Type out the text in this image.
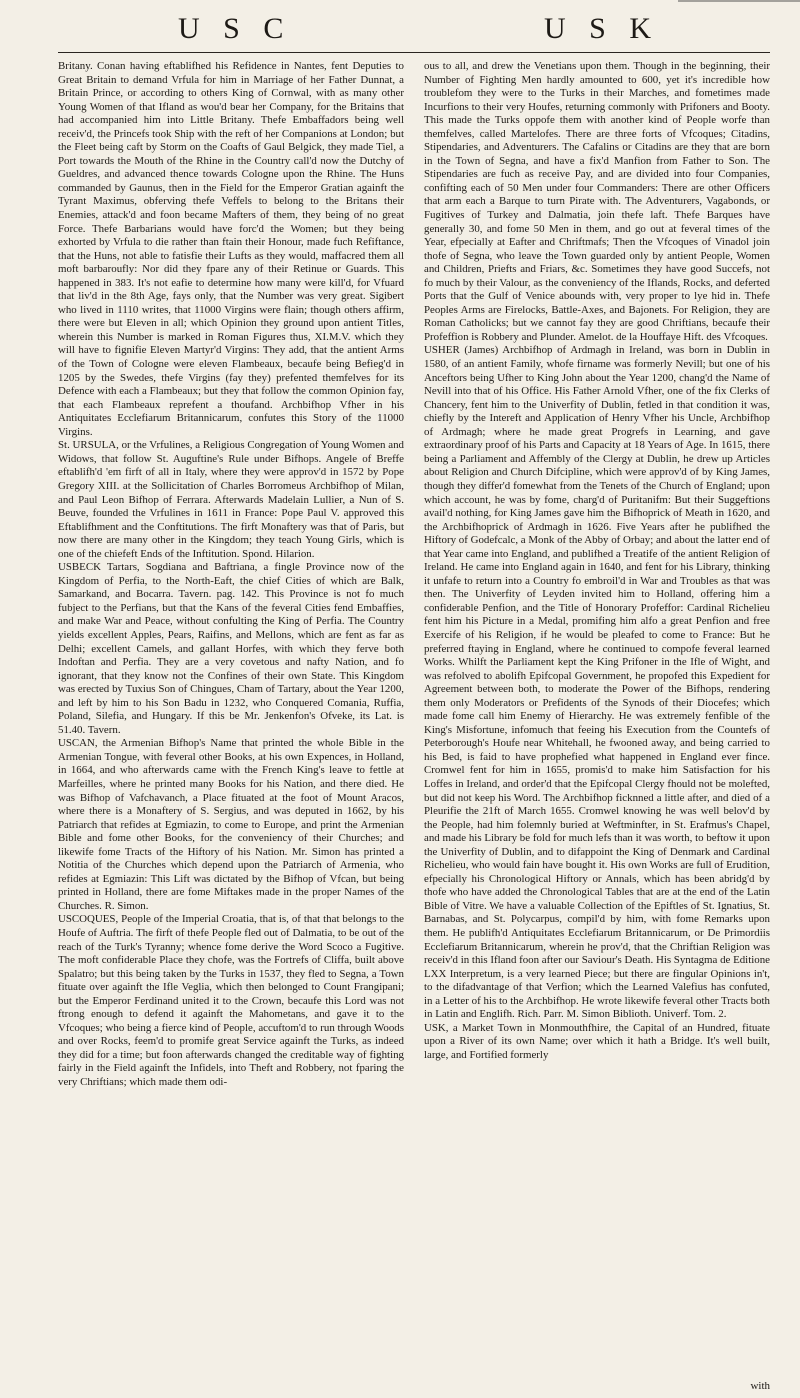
U S C	U S K

Britany. Conan having eftablifhed his Refidence in Nantes, fent Deputies to Great Britain to demand Vrfula for him in Marriage of her Father Dunnat, a Britain Prince, or according to others King of Cornwal, with as many other Young Women of that Ifland as wou'd bear her Company, for the Britains that had accompanied him into Little Britany. Thefe Embaffadors being well receiv'd, the Princefs took Ship with the reft of her Companions at London; but the Fleet being caft by Storm on the Coafts of Gaul Belgick, they made Tiel, a Port towards the Mouth of the Rhine in the Country call'd now the Dutchy of Gueldres, and advanced thence towards Cologne upon the Rhine. The Huns commanded by Gaunus, then in the Field for the Emperor Gratian againft the Tyrant Maximus, obferving thefe Veffels to belong to the Britans their Enemies, attack'd and foon became Mafters of them, they being of no great Force. Thefe Barbarians would have forc'd the Women; but they being exhorted by Vrfula to die rather than ftain their Honour, made fuch Refiftance, that the Huns, not able to fatisfie their Lufts as they would, maffacred them all moft barbaroufly: Nor did they fpare any of their Retinue or Guards. This happened in 383. It's not eafie to determine how many were kill'd, for Vfuard that liv'd in the 8th Age, fays only, that the Number was very great. Sigibert who lived in 1110 writes, that 11000 Virgins were flain; though others affirm, there were but Eleven in all; which Opinion they ground upon antient Titles, wherein this Number is marked in Roman Figures thus, XI.M.V. which they will have to fignifie Eleven Martyr'd Virgins: They add, that the antient Arms of the Town of Cologne were eleven Flambeaux, becaufe being Befieg'd in 1205 by the Swedes, thefe Virgins (fay they) prefented themfelves for its Defence with each a Flambeaux; but they that follow the common Opinion fay, that each Flambeaux reprefent a thoufand. Archbifhop Vfher in his Antiquitates Ecclefiarum Britannicarum, confutes this Story of the 11000 Virgins.

St. URSULA, or the Vrfulines, a Religious Congregation of Young Women and Widows, that follow St. Auguftine's Rule under Bifhops. Angele of Breffe eftablifh'd 'em firft of all in Italy, where they were approv'd in 1572 by Pope Gregory XIII. at the Sollicitation of Charles Borromeus Archbifhop of Milan, and Paul Leon Bifhop of Ferrara. Afterwards Madelain Lullier, a Nun of S. Beuve, founded the Vrfulines in 1611 in France: Pope Paul V. approved this Eftablifhment and the Conftitutions. The firft Monaftery was that of Paris, but now there are many other in the Kingdom; they teach Young Girls, which is one of the chiefeft Ends of the Inftitution. Spond. Hilarion.

USBECK Tartars, Sogdiana and Baftriana, a fingle Province now of the Kingdom of Perfia, to the North-Eaft, the chief Cities of which are Balk, Samarkand, and Bocarra. Tavern. pag. 142. This Province is not fo much fubject to the Perfians, but that the Kans of the feveral Cities fend Embaffies, and make War and Peace, without confulting the King of Perfia. The Country yields excellent Apples, Pears, Raifins, and Mellons, which are fent as far as Delhi; excellent Camels, and gallant Horfes, with which they ferve both Indoftan and Perfia. They are a very covetous and nafty Nation, and fo ignorant, that they know not the Confines of their own State. This Kingdom was erected by Tuxius Son of Chingues, Cham of Tartary, about the Year 1200, and left by him to his Son Badu in 1232, who Conquered Comania, Ruffia, Poland, Silefia, and Hungary. If this be Mr. Jenkenfon's Ofveke, its Lat. is 51.40. Tavern.

USCAN, the Armenian Bifhop's Name that printed the whole Bible in the Armenian Tongue, with feveral other Books, at his own Expences, in Holland, in 1664, and who afterwards came with the French King's leave to fettle at Marfeilles, where he printed many Books for his Nation, and there died. He was Bifhop of Vafchavanch, a Place fituated at the foot of Mount Aracos, where there is a Monaftery of S. Sergius, and was deputed in 1662, by his Patriarch that refides at Egmiazin, to come to Europe, and print the Armenian Bible and fome other Books, for the conveniency of their Churches; and likewife fome Tracts of the Hiftory of his Nation. Mr. Simon has printed a Notitia of the Churches which depend upon the Patriarch of Armenia, who refides at Egmiazin: This Lift was dictated by the Bifhop of Vfcan, but being printed in Holland, there are fome Miftakes made in the proper Names of the Churches. R. Simon.

USCOQUES, People of the Imperial Croatia, that is, of that that belongs to the Houfe of Auftria. The firft of thefe People fled out of Dalmatia, to be out of the reach of the Turk's Tyranny; whence fome derive the Word Scoco a Fugitive. The moft confiderable Place they chofe, was the Fortrefs of Cliffa, built above Spalatro; but this being taken by the Turks in 1537, they fled to Segna, a Town fituate over againft the Ifle Veglia, which then belonged to Count Frangipani; but the Emperor Ferdinand united it to the Crown, becaufe this Lord was not ftrong enough to defend it againft the Mahometans, and gave it to the Vfcoques; who being a fierce kind of People, accuftom'd to run through Woods and over Rocks, feem'd to promife great Service againft the Turks, as indeed they did for a time; but foon afterwards changed the creditable way of fighting fairly in the Field againft the Infidels, into Theft and Robbery, not fparing the very Chriftians; which made them odi-

ous to all, and drew the Venetians upon them. Though in the beginning, their Number of Fighting Men hardly amounted to 600, yet it's incredible how troublefom they were to the Turks in their Marches, and fometimes made Incurfions to their very Houfes, returning commonly with Prifoners and Booty. This made the Turks oppofe them with another kind of People worfe than themfelves, called Martelofes. There are three forts of Vfcoques; Citadins, Stipendaries, and Adventurers. The Cafalins or Citadins are they that are born in the Town of Segna, and have a fix'd Manfion from Father to Son. The Stipendaries are fuch as receive Pay, and are divided into four Companies, confifting each of 50 Men under four Commanders: There are other Officers that arm each a Barque to turn Pirate with. The Adventurers, Vagabonds, or Fugitives of Turkey and Dalmatia, join thefe laft. Thefe Barques have generally 30, and fome 50 Men in them, and go out at feveral times of the Year, efpecially at Eafter and Chriftmafs; Then the Vfcoques of Vinadol join thofe of Segna, who leave the Town guarded only by antient People, Women and Children, Priefts and Friars, &c. Sometimes they have good Succefs, not fo much by their Valour, as the conveniency of the Iflands, Rocks, and deferted Ports that the Gulf of Venice abounds with, very proper to lye hid in. Thefe Peoples Arms are Firelocks, Battle-Axes, and Bajonets. For Religion, they are Roman Catholicks; but we cannot fay they are good Chriftians, becaufe their Profeffion is Robbery and Plunder. Amelot. de la Houffaye Hift. des Vfcoques.

USHER (James) Archbifhop of Ardmagh in Ireland, was born in Dublin in 1580, of an antient Family, whofe firname was formerly Nevill; but one of his Anceftors being Ufher to King John about the Year 1200, chang'd the Name of Nevill into that of his Office. His Father Arnold Vfher, one of the fix Clerks of Chancery, fent him to the Univerfity of Dublin, fetled in that condition it was, chiefly by the Intereft and Application of Henry Vfher his Uncle, Archbifhop of Ardmagh; where he made great Progrefs in Learning, and gave extraordinary proof of his Parts and Capacity at 18 Years of Age. In 1615, there being a Parliament and Affembly of the Clergy at Dublin, he drew up Articles about Religion and Church Difcipline, which were approv'd of by King James, though they differ'd fomewhat from the Tenets of the Church of England; upon which account, he was by fome, charg'd of Puritanifm: But their Suggeftions avail'd nothing, for King James gave him the Bifhoprick of Meath in 1620, and the Archbifhoprick of Ardmagh in 1626. Five Years after he publifhed the Hiftory of Godefcalc, a Monk of the Abby of Orbay; and about the latter end of that Year came into England, and publifhed a Treatife of the antient Religion of Ireland. He came into England again in 1640, and fent for his Library, thinking it unfafe to return into a Country fo embroil'd in War and Troubles as that was then. The Univerfity of Leyden invited him to Holland, offering him a confiderable Penfion, and the Title of Honorary Profeffor: Cardinal Richelieu fent him his Picture in a Medal, promifing him alfo a great Penfion and free Exercife of his Religion, if he would be pleafed to come to France: But he preferred ftaying in England, where he continued to compofe feveral learned Works. Whilft the Parliament kept the King Prifoner in the Ifle of Wight, and was refolved to abolifh Epifcopal Government, he propofed this Expedient for Agreement between both, to moderate the Power of the Bifhops, rendering them only Moderators or Prefidents of the Synods of their Diocefes; which made fome call him Enemy of Hierarchy. He was extremely fenfible of the King's Misfortune, infomuch that feeing his Execution from the Countefs of Peterborough's Houfe near Whitehall, he fwooned away, and being carried to his Bed, is faid to have prophefied what happened in England ever fince. Cromwel fent for him in 1655, promis'd to make him Satisfaction for his Loffes in Ireland, and order'd that the Epifcopal Clergy fhould not be molefted, but did not keep his Word. The Archbifhop ficknned a little after, and died of a Pleurifie the 21ft of March 1655. Cromwel knowing he was well belov'd by the People, had him folemnly buried at Weftminfter, in St. Erafmus's Chapel, and made his Library be fold for much lefs than it was worth, to beftow it upon the Univerfity of Dublin, and to difappoint the King of Denmark and Cardinal Richelieu, who would fain have bought it. His own Works are full of Erudition, efpecially his Chronological Hiftory or Annals, which has been abridg'd by thofe who have added the Chronological Tables that are at the end of the Latin Bible of Vitre. We have a valuable Collection of the Epiftles of St. Ignatius, St. Barnabas, and St. Polycarpus, compil'd by him, with fome Remarks upon them. He publifh'd Antiquitates Ecclefiarum Britannicarum, or De Primordiis Ecclefiarum Britannicarum, wherein he prov'd, that the Chriftian Religion was receiv'd in this Ifland foon after our Saviour's Death. His Syntagma de Editione LXX Interpretum, is a very learned Piece; but there are fingular Opinions in't, to the difadvantage of that Verfion; which the Learned Valefius has confuted, in a Letter of his to the Archbifhop. He wrote likewife feveral other Tracts both in Latin and Englifh. Rich. Parr. M. Simon Biblioth. Univerf. Tom. 2.

USK, a Market Town in Monmouthfhire, the Capital of an Hundred, fituate upon a River of its own Name; over which it hath a Bridge. It's well built, large, and Fortified formerly

with
